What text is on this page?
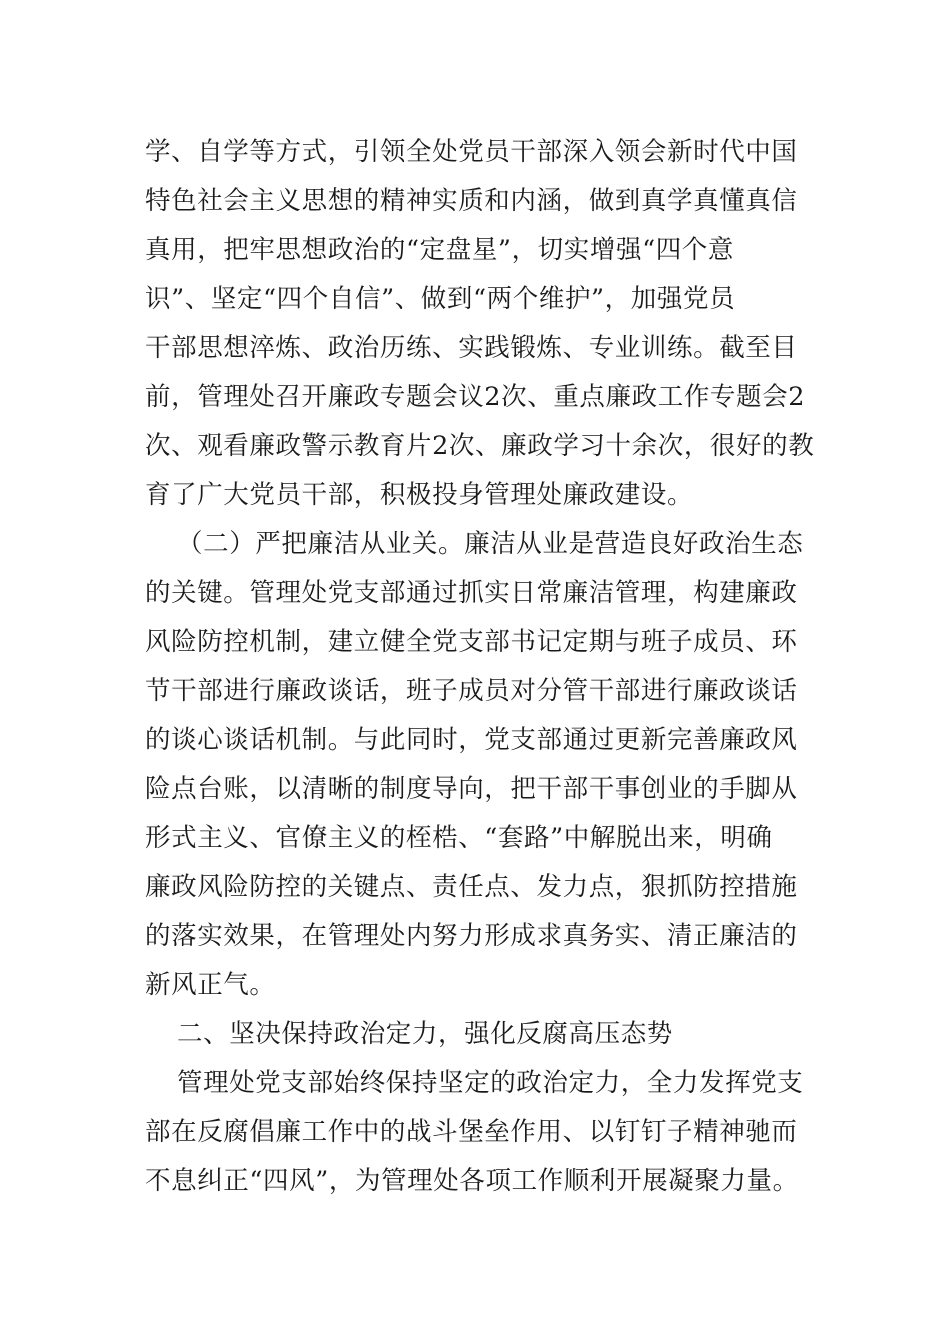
学、自学等方式，引领全处党员干部深入领会新时代中国
特色社会主义思想的精神实质和内涵，做到真学真懂真信
真用，把牢思想政治的“定盘星”，切实增强“四个意
识”、坚定“四个自信”、做到“两个维护”，加强党员
干部思想淬炼、政治历练、实践锻炼、专业训练。截至目
前，管理处召开廉政专题会议2次、重点廉政工作专题会2
次、观看廉政警示教育片2次、廉政学习十余次，很好的教
育了广大党员干部，积极投身管理处廉政建设。
（二）严把廉洁从业关。廉洁从业是营造良好政治生态
的关键。管理处党支部通过抓实日常廉洁管理，构建廉政
风险防控机制，建立健全党支部书记定期与班子成员、环
节干部进行廉政谈话，班子成员对分管干部进行廉政谈话
的谈心谈话机制。与此同时，党支部通过更新完善廉政风
险点台账，以清晰的制度导向，把干部干事创业的手脚从
形式主义、官僚主义的桎梏、“套路”中解脱出来，明确
廉政风险防控的关键点、责任点、发力点，狠抓防控措施
的落实效果，在管理处内努力形成求真务实、清正廉洁的
新风正气。
二、坚决保持政治定力，强化反腐高压态势
管理处党支部始终保持坚定的政治定力，全力发挥党支
部在反腐倡廉工作中的战斗堡垒作用、以钉钉子精神驰而
不息纠正“四风”，为管理处各项工作顺利开展凝聚力量。
